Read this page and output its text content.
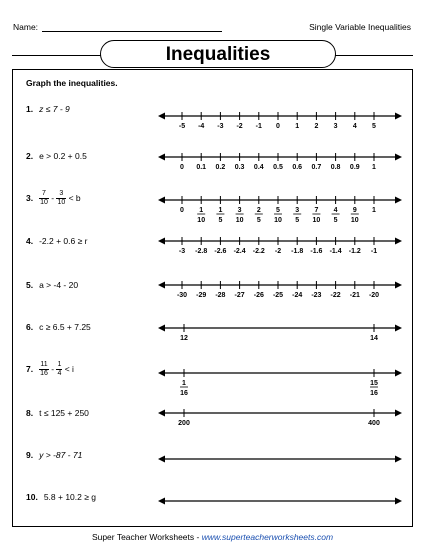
Name:	Single Variable Inequalities
Inequalities
Graph the inequalities.
1. z ≤ 7 - 9
2. e > 0.2 + 0.5
3. $\frac{7}{10} - \frac{3}{10} < b$
4. -2.2 + 0.6 ≥ r
5. a > -4 - 20
6. c ≥ 6.5 + 7.25
7. $\frac{11}{16} - \frac{1}{4} < i$
8. t ≤ 125 + 250
9. y > -87 - 71
10. 5.8 + 10.2 ≥ g
-5 -4 -3 -2 -1 0 1 2 3 4 5
0 0.1 0.2 0.3 0.4 0.5 0.6 0.7 0.8 0.9 1
0 1
10
1
5
3
10
2
5
5
10
3
5
7
10
4
5
9
10
1
-3 -2.8 -2.6 -2.4 -2.2 -2 -1.8 -1.6 -1.4 -1.2 -1
-30 -29 -28 -27 -26 -25 -24 -23 -22 -21 -20
12	14
1
16
15
16
200	400
Super Teacher Worksheets - www.superteacherworksheets.com
